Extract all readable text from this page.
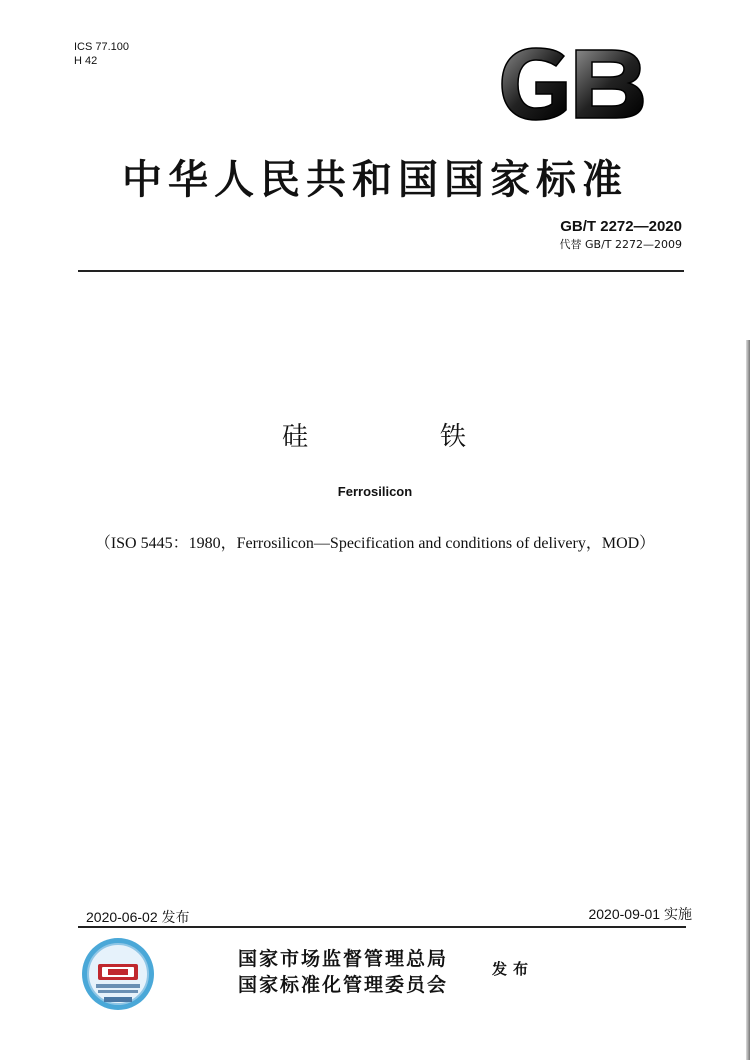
ICS 77.100
H 42
中华人民共和国国家标准
GB/T 2272—2020
代替 GB/T 2272—2009
硅	铁
Ferrosilicon
（ISO 5445：1980，Ferrosilicon—Specification and conditions of delivery，MOD）
2020-06-02 发布	2020-09-01 实施
国家市场监督管理总局
国家标准化管理委员会
发布
